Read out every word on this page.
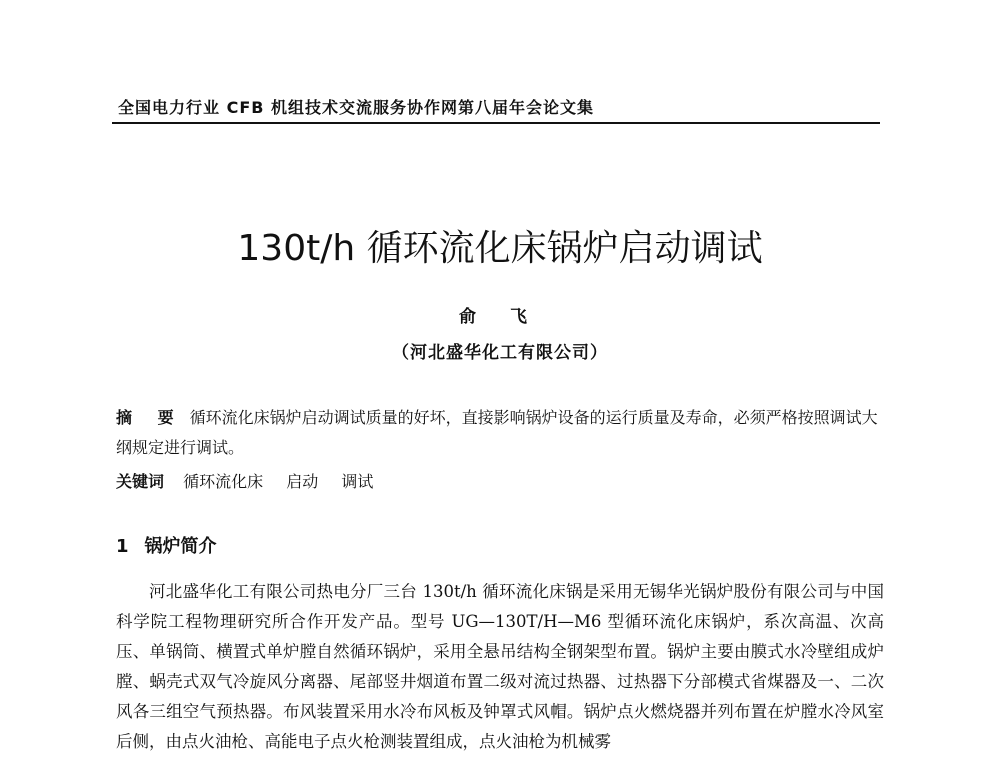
全国电力行业 CFB 机组技术交流服务协作网第八届年会论文集
130t/h 循环流化床锅炉启动调试
俞 飞
（河北盛华化工有限公司）

摘 要 循环流化床锅炉启动调试质量的好坏，直接影响锅炉设备的运行质量及寿命，必须严格按照调试大纲规定进行调试。

关键词 循环流化床 启动 调试
1 锅炉简介

河北盛华化工有限公司热电分厂三台 130t/h 循环流化床锅是采用无锡华光锅炉股份有限公司与中国科学院工程物理研究所合作开发产品。型号 UG—130T/H—M6 型循环流化床锅炉，系次高温、次高压、单锅筒、横置式单炉膛自然循环锅炉，采用全悬吊结构全钢架型布置。锅炉主要由膜式水冷壁组成炉膛、蜗壳式双气冷旋风分离器、尾部竖井烟道布置二级对流过热器、过热器下分部模式省煤器及一、二次风各三组空气预热器。布风装置采用水冷布风板及钟罩式风帽。锅炉点火燃烧器并列布置在炉膛水冷风室后侧，由点火油枪、高能电子点火枪测装置组成，点火油枪为机械雾
